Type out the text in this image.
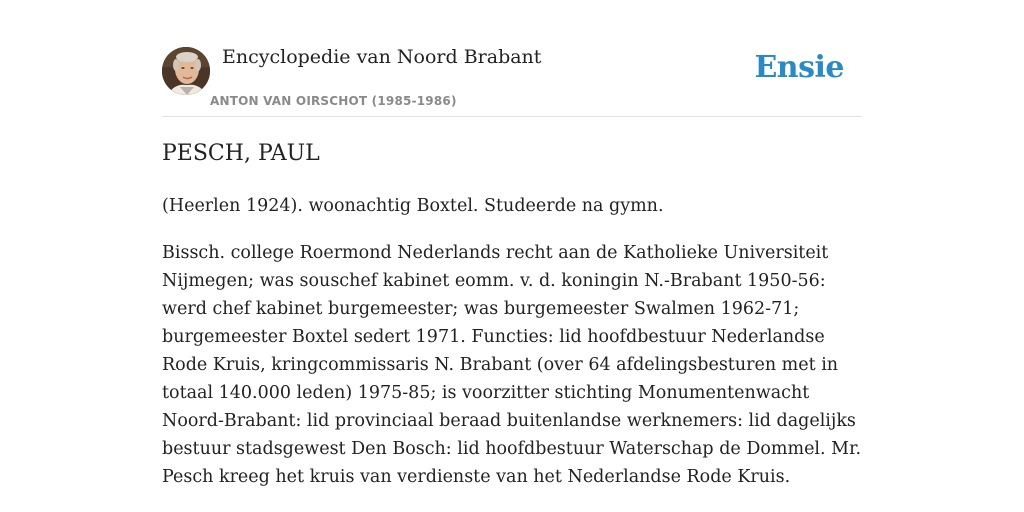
Encyclopedie van Noord Brabant
ANTON VAN OIRSCHOT (1985-1986)
Ensie
PESCH, PAUL

(Heerlen 1924). woonachtig Boxtel. Studeerde na gymn.

Bissch. college Roermond Nederlands recht aan de Katholieke Universiteit Nijmegen; was souschef kabinet eomm. v. d. koningin N.-Brabant 1950-56: werd chef kabinet burgemeester; was burgemeester Swalmen 1962-71; burgemeester Boxtel sedert 1971. Functies: lid hoofdbestuur Nederlandse Rode Kruis, kringcommissaris N. Brabant (over 64 afdelingsbesturen met in totaal 140.000 leden) 1975-85; is voorzitter stichting Monumentenwacht Noord-Brabant: lid provinciaal beraad buitenlandse werknemers: lid dagelijks bestuur stadsgewest Den Bosch: lid hoofdbestuur Waterschap de Dommel. Mr. Pesch kreeg het kruis van verdienste van het Nederlandse Rode Kruis.
